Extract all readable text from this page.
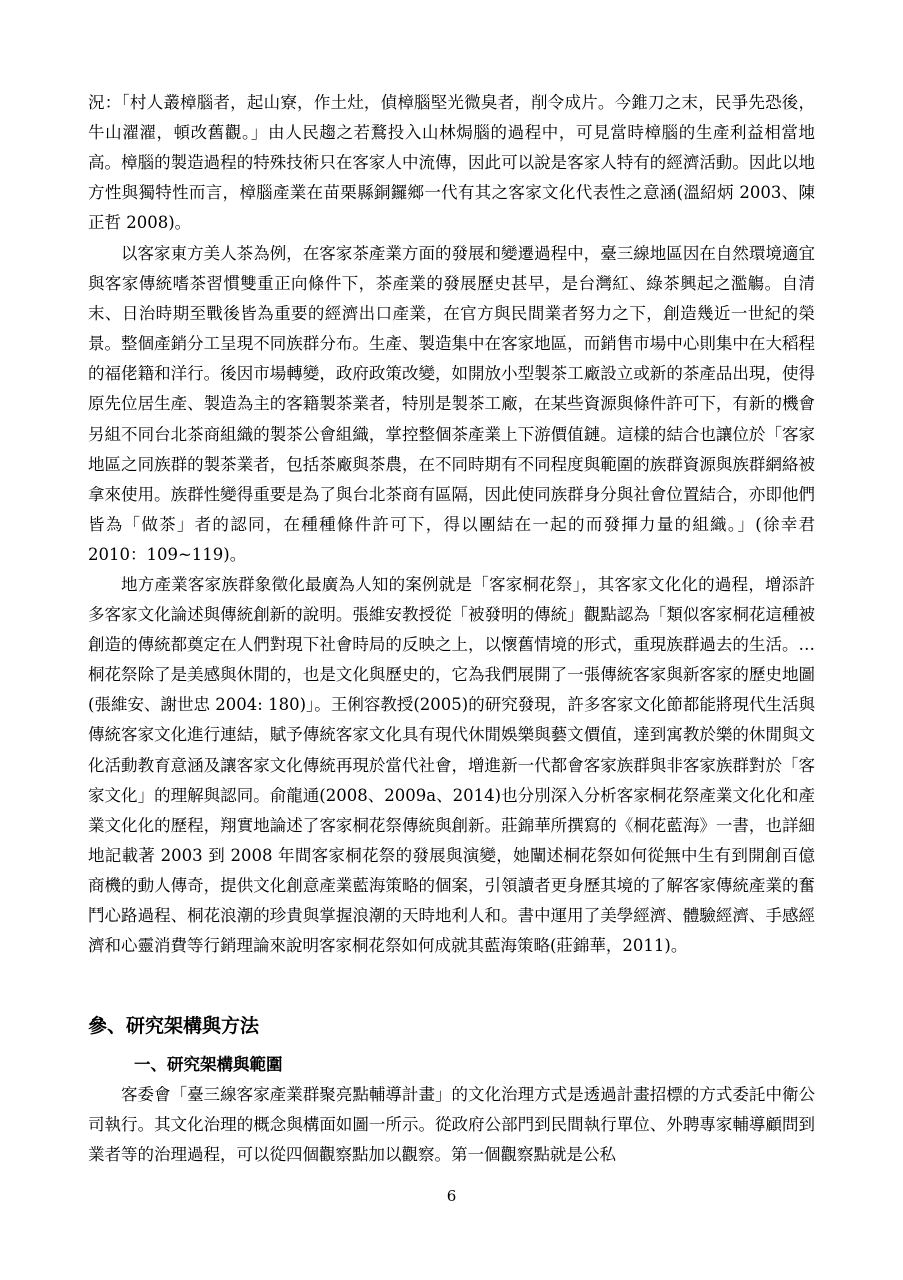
況：「村人叢樟腦者，起山寮，作土灶，偵樟腦堅光微臭者，削令成片。今錐刀之末，民爭先恐後，牛山濯濯，頓改舊觀。」由人民趨之若鶩投入山林焗腦的過程中，可見當時樟腦的生產利益相當地高。樟腦的製造過程的特殊技術只在客家人中流傳，因此可以說是客家人特有的經濟活動。因此以地方性與獨特性而言，樟腦產業在苗栗縣銅鑼鄉一代有其之客家文化代表性之意涵(溫紹炳 2003、陳正哲 2008)。

以客家東方美人茶為例，在客家茶產業方面的發展和變遷過程中，臺三線地區因在自然環境適宜與客家傳統嗜茶習慣雙重正向條件下，茶產業的發展歷史甚早，是台灣紅、綠茶興起之濫觴。自清末、日治時期至戰後皆為重要的經濟出口產業，在官方與民間業者努力之下，創造幾近一世紀的榮景。整個產銷分工呈現不同族群分布。生產、製造集中在客家地區，而銷售市場中心則集中在大稻程的福佬籍和洋行。後因市場轉變，政府政策改變，如開放小型製茶工廠設立或新的茶產品出現，使得原先位居生產、製造為主的客籍製茶業者，特別是製茶工廠，在某些資源與條件許可下，有新的機會另組不同台北茶商組織的製茶公會組織，掌控整個茶產業上下游價值鏈。這樣的結合也讓位於「客家地區之同族群的製茶業者，包括茶廠與茶農，在不同時期有不同程度與範圍的族群資源與族群網絡被拿來使用。族群性變得重要是為了與台北茶商有區隔，因此使同族群身分與社會位置結合，亦即他們皆為「做茶」者的認同，在種種條件許可下，得以團結在一起的而發揮力量的組織。」(徐幸君　2010：109~119)。

地方產業客家族群象徵化最廣為人知的案例就是「客家桐花祭」，其客家文化化的過程，增添許多客家文化論述與傳統創新的說明。張維安教授從「被發明的傳統」觀點認為「類似客家桐花這種被創造的傳統都奠定在人們對現下社會時局的反映之上，以懷舊情境的形式，重現族群過去的生活。…桐花祭除了是美感與休閒的，也是文化與歷史的，它為我們展開了一張傳統客家與新客家的歷史地圖 (張維安、謝世忠 2004: 180)」。王俐容教授(2005)的研究發現，許多客家文化節都能將現代生活與傳統客家文化進行連結，賦予傳統客家文化具有現代休閒娛樂與藝文價值，達到寓教於樂的休閒與文化活動教育意涵及讓客家文化傳統再現於當代社會，增進新一代都會客家族群與非客家族群對於「客家文化」的理解與認同。俞龍通(2008、2009a、2014)也分別深入分析客家桐花祭產業文化化和產業文化化的歷程，翔實地論述了客家桐花祭傳統與創新。莊錦華所撰寫的《桐花藍海》一書，也詳細地記載著 2003 到 2008 年間客家桐花祭的發展與演變，她闡述桐花祭如何從無中生有到開創百億商機的動人傳奇，提供文化創意產業藍海策略的個案，引領讀者更身歷其境的了解客家傳統產業的奮鬥心路過程、桐花浪潮的珍貴與掌握浪潮的天時地利人和。書中運用了美學經濟、體驗經濟、手感經濟和心靈消費等行銷理論來說明客家桐花祭如何成就其藍海策略(莊錦華，2011)。

參、研究架構與方法
一、研究架構與範圍

客委會「臺三線客家產業群聚亮點輔導計畫」的文化治理方式是透過計畫招標的方式委託中衛公司執行。其文化治理的概念與構面如圖一所示。從政府公部門到民間執行單位、外聘專家輔導顧問到業者等的治理過程，可以從四個觀察點加以觀察。第一個觀察點就是公私

6
